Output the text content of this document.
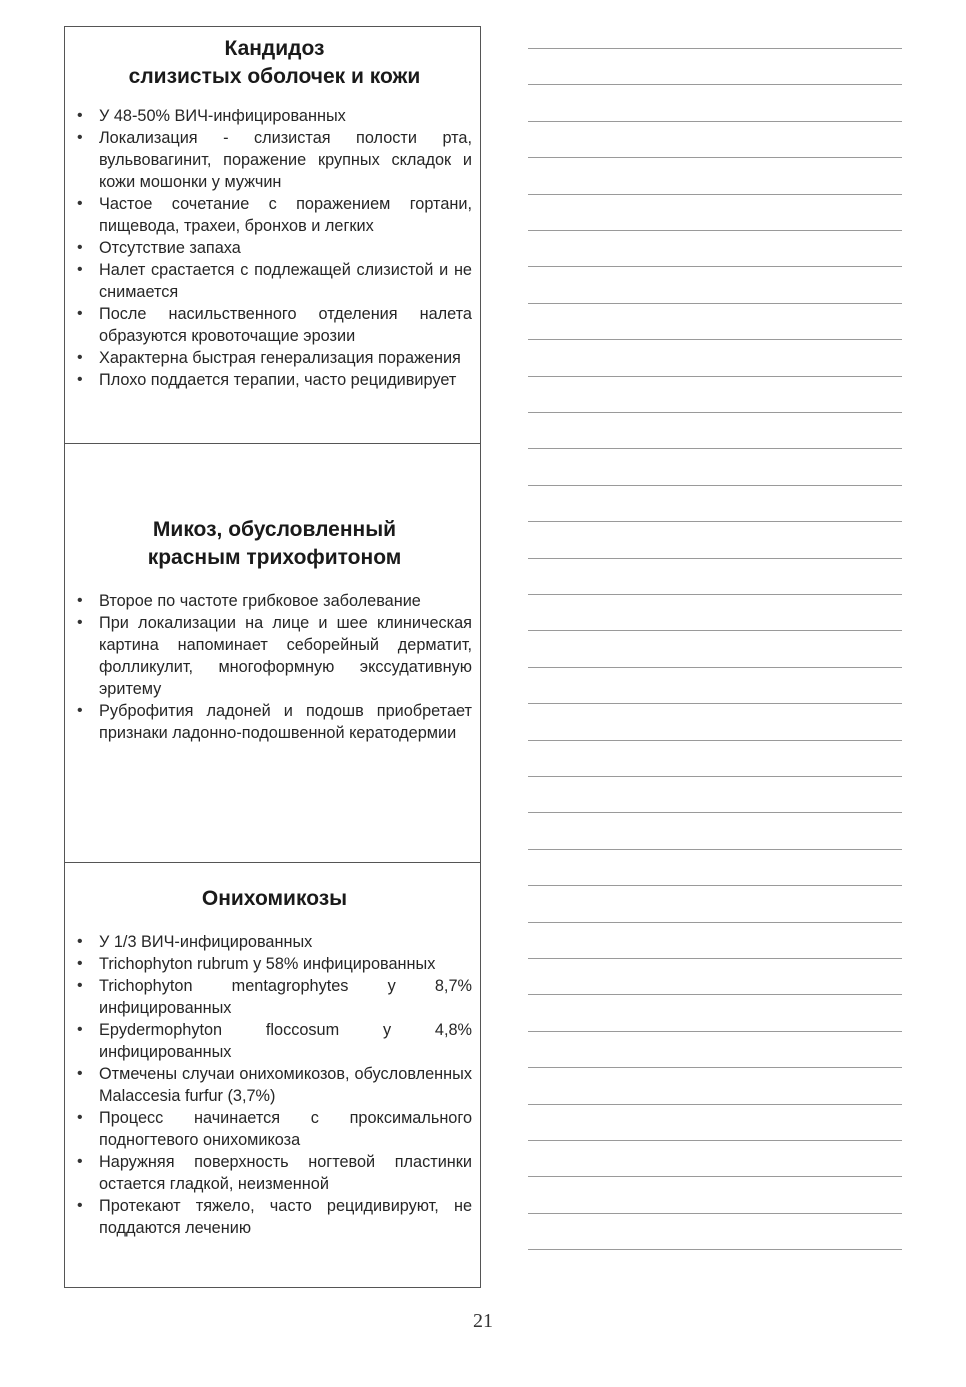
Кандидоз
слизистых оболочек и кожи
• У 48-50% ВИЧ-инфицированных
• Локализация - слизистая полости рта, вульвовагинит, поражение крупных складок и кожи мошонки у мужчин
• Частое сочетание с поражением гортани, пищевода, трахеи, бронхов и легких
• Отсутствие запаха
• Налет срастается с подлежащей слизистой и не снимается
• После насильственного отделения налета образуются кровоточащие эрозии
• Характерна быстрая генерализация поражения
• Плохо поддается терапии, часто рецидивирует
Микоз, обусловленный
красным трихофитоном
• Второе по частоте грибковое заболевание
• При локализации на лице и шее клиническая картина напоминает себорейный дерматит, фолликулит, многоформную экссудативную эритему
• Руброфития ладоней и подошв приобретает признаки ладонно-подошвенной кератодермии
Онихомикозы
• У 1/3 ВИЧ-инфицированных
• Trichophyton rubrum у 58% инфицированных
• Trichophyton mentagrophytes у 8,7% инфицированных
• Epydermophyton floccosum у 4,8% инфицированных
• Отмечены случаи онихомикозов, обусловленных Malaccesia furfur (3,7%)
• Процесс начинается с проксимального подногтевого онихомикоза
• Наружняя поверхность ногтевой пластинки остается гладкой, неизменной
• Протекают тяжело, часто рецидивируют, не поддаются лечению
21
